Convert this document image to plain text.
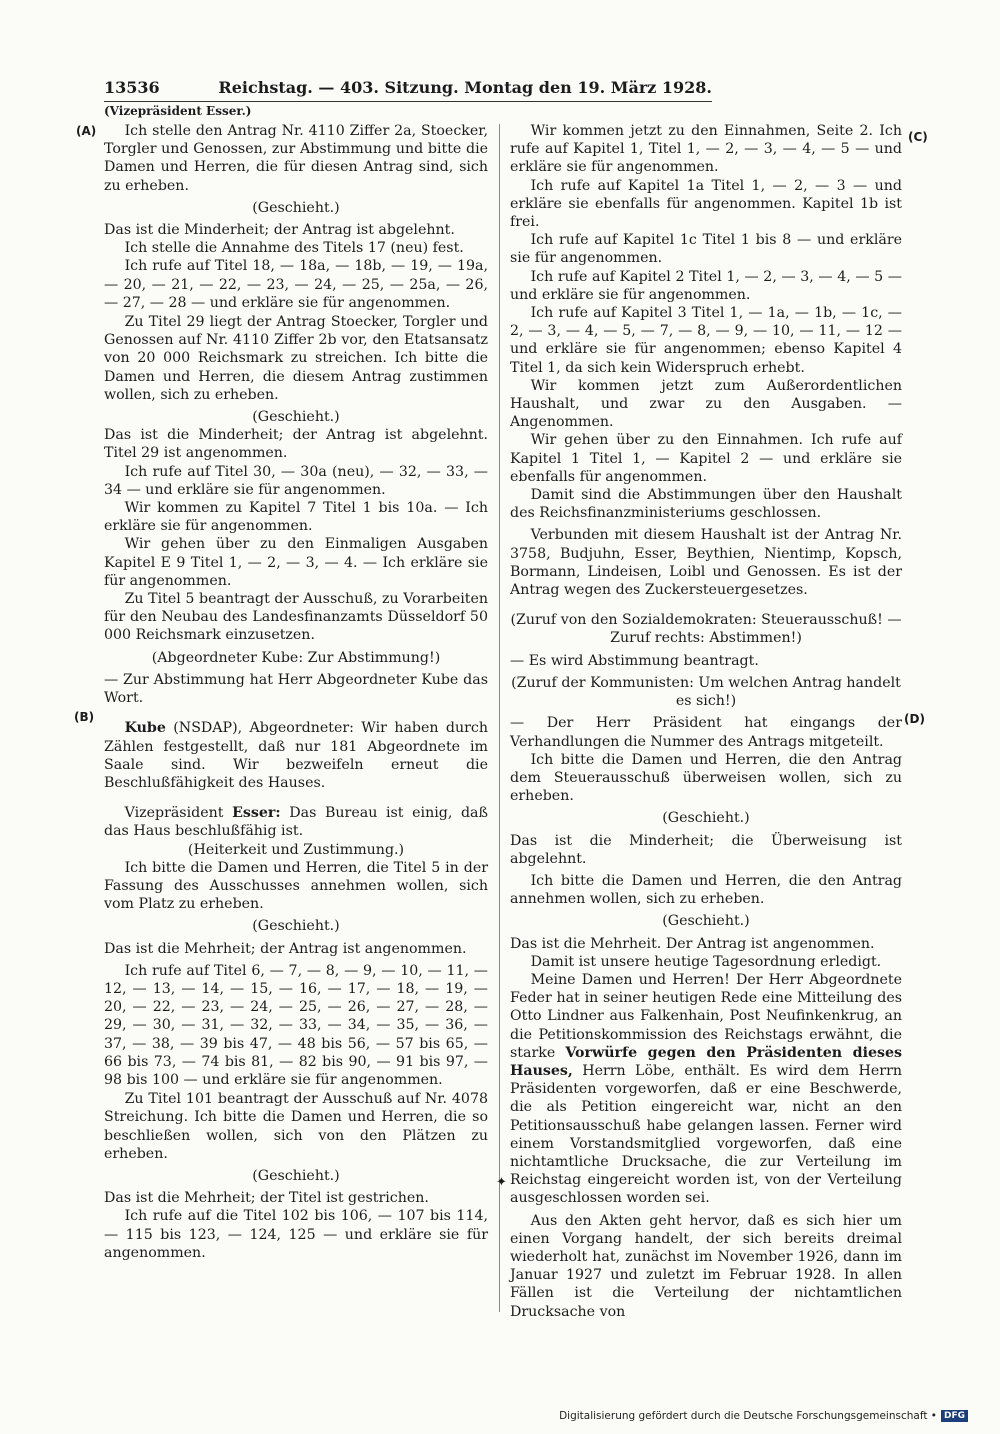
13536	Reichstag. — 403. Sitzung. Montag den 19. März 1928.
(Vizepräsident Esser.)
(A)
(B)
(C)
(D)

Ich stelle den Antrag Nr. 4110 Ziffer 2a, Stoecker, Torgler und Genossen, zur Abstimmung und bitte die Damen und Herren, die für diesen Antrag sind, sich zu erheben.

(Geschieht.)

Das ist die Minderheit; der Antrag ist abgelehnt.

Ich stelle die Annahme des Titels 17 (neu) fest.

Ich rufe auf Titel 18, — 18a, — 18b, — 19, — 19a, — 20, — 21, — 22, — 23, — 24, — 25, — 25a, — 26, — 27, — 28 — und erkläre sie für angenommen.

Zu Titel 29 liegt der Antrag Stoecker, Torgler und Genossen auf Nr. 4110 Ziffer 2b vor, den Etatsansatz von 20 000 Reichsmark zu streichen. Ich bitte die Damen und Herren, die diesem Antrag zustimmen wollen, sich zu erheben.

(Geschieht.)

Das ist die Minderheit; der Antrag ist abgelehnt. Titel 29 ist angenommen.

Ich rufe auf Titel 30, — 30a (neu), — 32, — 33, — 34 — und erkläre sie für angenommen.

Wir kommen zu Kapitel 7 Titel 1 bis 10a. — Ich erkläre sie für angenommen.

Wir gehen über zu den Einmaligen Ausgaben Kapitel E 9 Titel 1, — 2, — 3, — 4. — Ich erkläre sie für angenommen.

Zu Titel 5 beantragt der Ausschuß, zu Vorarbeiten für den Neubau des Landesfinanzamts Düsseldorf 50 000 Reichsmark einzusetzen.

(Abgeordneter Kube: Zur Abstimmung!)

— Zur Abstimmung hat Herr Abgeordneter Kube das Wort.

Kube (NSDAP), Abgeordneter: Wir haben durch Zählen festgestellt, daß nur 181 Abgeordnete im Saale sind. Wir bezweifeln erneut die Beschlußfähigkeit des Hauses.

Vizepräsident Esser: Das Bureau ist einig, daß das Haus beschlußfähig ist.

(Heiterkeit und Zustimmung.)

Ich bitte die Damen und Herren, die Titel 5 in der Fassung des Ausschusses annehmen wollen, sich vom Platz zu erheben.

(Geschieht.)

Das ist die Mehrheit; der Antrag ist angenommen.

Ich rufe auf Titel 6, — 7, — 8, — 9, — 10, — 11, — 12, — 13, — 14, — 15, — 16, — 17, — 18, — 19, — 20, — 22, — 23, — 24, — 25, — 26, — 27, — 28, — 29, — 30, — 31, — 32, — 33, — 34, — 35, — 36, — 37, — 38, — 39 bis 47, — 48 bis 56, — 57 bis 65, — 66 bis 73, — 74 bis 81, — 82 bis 90, — 91 bis 97, — 98 bis 100 — und erkläre sie für angenommen.

Zu Titel 101 beantragt der Ausschuß auf Nr. 4078 Streichung. Ich bitte die Damen und Herren, die so beschließen wollen, sich von den Plätzen zu erheben.

(Geschieht.)

Das ist die Mehrheit; der Titel ist gestrichen.

Ich rufe auf die Titel 102 bis 106, — 107 bis 114, — 115 bis 123, — 124, 125 — und erkläre sie für angenommen.

Wir kommen jetzt zu den Einnahmen, Seite 2. Ich rufe auf Kapitel 1, Titel 1, — 2, — 3, — 4, — 5 — und erkläre sie für angenommen.

Ich rufe auf Kapitel 1a Titel 1, — 2, — 3 — und erkläre sie ebenfalls für angenommen. Kapitel 1b ist frei.

Ich rufe auf Kapitel 1c Titel 1 bis 8 — und erkläre sie für angenommen.

Ich rufe auf Kapitel 2 Titel 1, — 2, — 3, — 4, — 5 — und erkläre sie für angenommen.

Ich rufe auf Kapitel 3 Titel 1, — 1a, — 1b, — 1c, — 2, — 3, — 4, — 5, — 7, — 8, — 9, — 10, — 11, — 12 — und erkläre sie für angenommen; ebenso Kapitel 4 Titel 1, da sich kein Widerspruch erhebt.

Wir kommen jetzt zum Außerordentlichen Haushalt, und zwar zu den Ausgaben. — Angenommen.

Wir gehen über zu den Einnahmen. Ich rufe auf Kapitel 1 Titel 1, — Kapitel 2 — und erkläre sie ebenfalls für angenommen.

Damit sind die Abstimmungen über den Haushalt des Reichsfinanzministeriums geschlossen.

Verbunden mit diesem Haushalt ist der Antrag Nr. 3758, Budjuhn, Esser, Beythien, Nientimp, Kopsch, Bormann, Lindeisen, Loibl und Genossen. Es ist der Antrag wegen des Zuckersteuergesetzes.

(Zuruf von den Sozialdemokraten: Steuerausschuß! — Zuruf rechts: Abstimmen!)

— Es wird Abstimmung beantragt.

(Zuruf der Kommunisten: Um welchen Antrag handelt es sich!)

— Der Herr Präsident hat eingangs der Verhandlungen die Nummer des Antrags mitgeteilt.

Ich bitte die Damen und Herren, die den Antrag dem Steuerausschuß überweisen wollen, sich zu erheben.

(Geschieht.)

Das ist die Minderheit; die Überweisung ist abgelehnt.

Ich bitte die Damen und Herren, die den Antrag annehmen wollen, sich zu erheben.

(Geschieht.)

Das ist die Mehrheit. Der Antrag ist angenommen.

Damit ist unsere heutige Tagesordnung erledigt.

Meine Damen und Herren! Der Herr Abgeordnete Feder hat in seiner heutigen Rede eine Mitteilung des Otto Lindner aus Falkenhain, Post Neufinkenkrug, an die Petitionskommission des Reichstags erwähnt, die starke Vorwürfe gegen den Präsidenten dieses Hauses, Herrn Löbe, enthält. Es wird dem Herrn Präsidenten vorgeworfen, daß er eine Beschwerde, die als Petition eingereicht war, nicht an den Petitionsausschuß habe gelangen lassen. Ferner wird einem Vorstandsmitglied vorgeworfen, daß eine nichtamtliche Drucksache, die zur Verteilung im Reichstag eingereicht worden ist, von der Verteilung ausgeschlossen worden sei.

Aus den Akten geht hervor, daß es sich hier um einen Vorgang handelt, der sich bereits dreimal wiederholt hat, zunächst im November 1926, dann im Januar 1927 und zuletzt im Februar 1928. In allen Fällen ist die Verteilung der nichtamtlichen Drucksache von

✦
Digitalisierung gefördert durch die Deutsche Forschungsgemeinschaft • DFG
